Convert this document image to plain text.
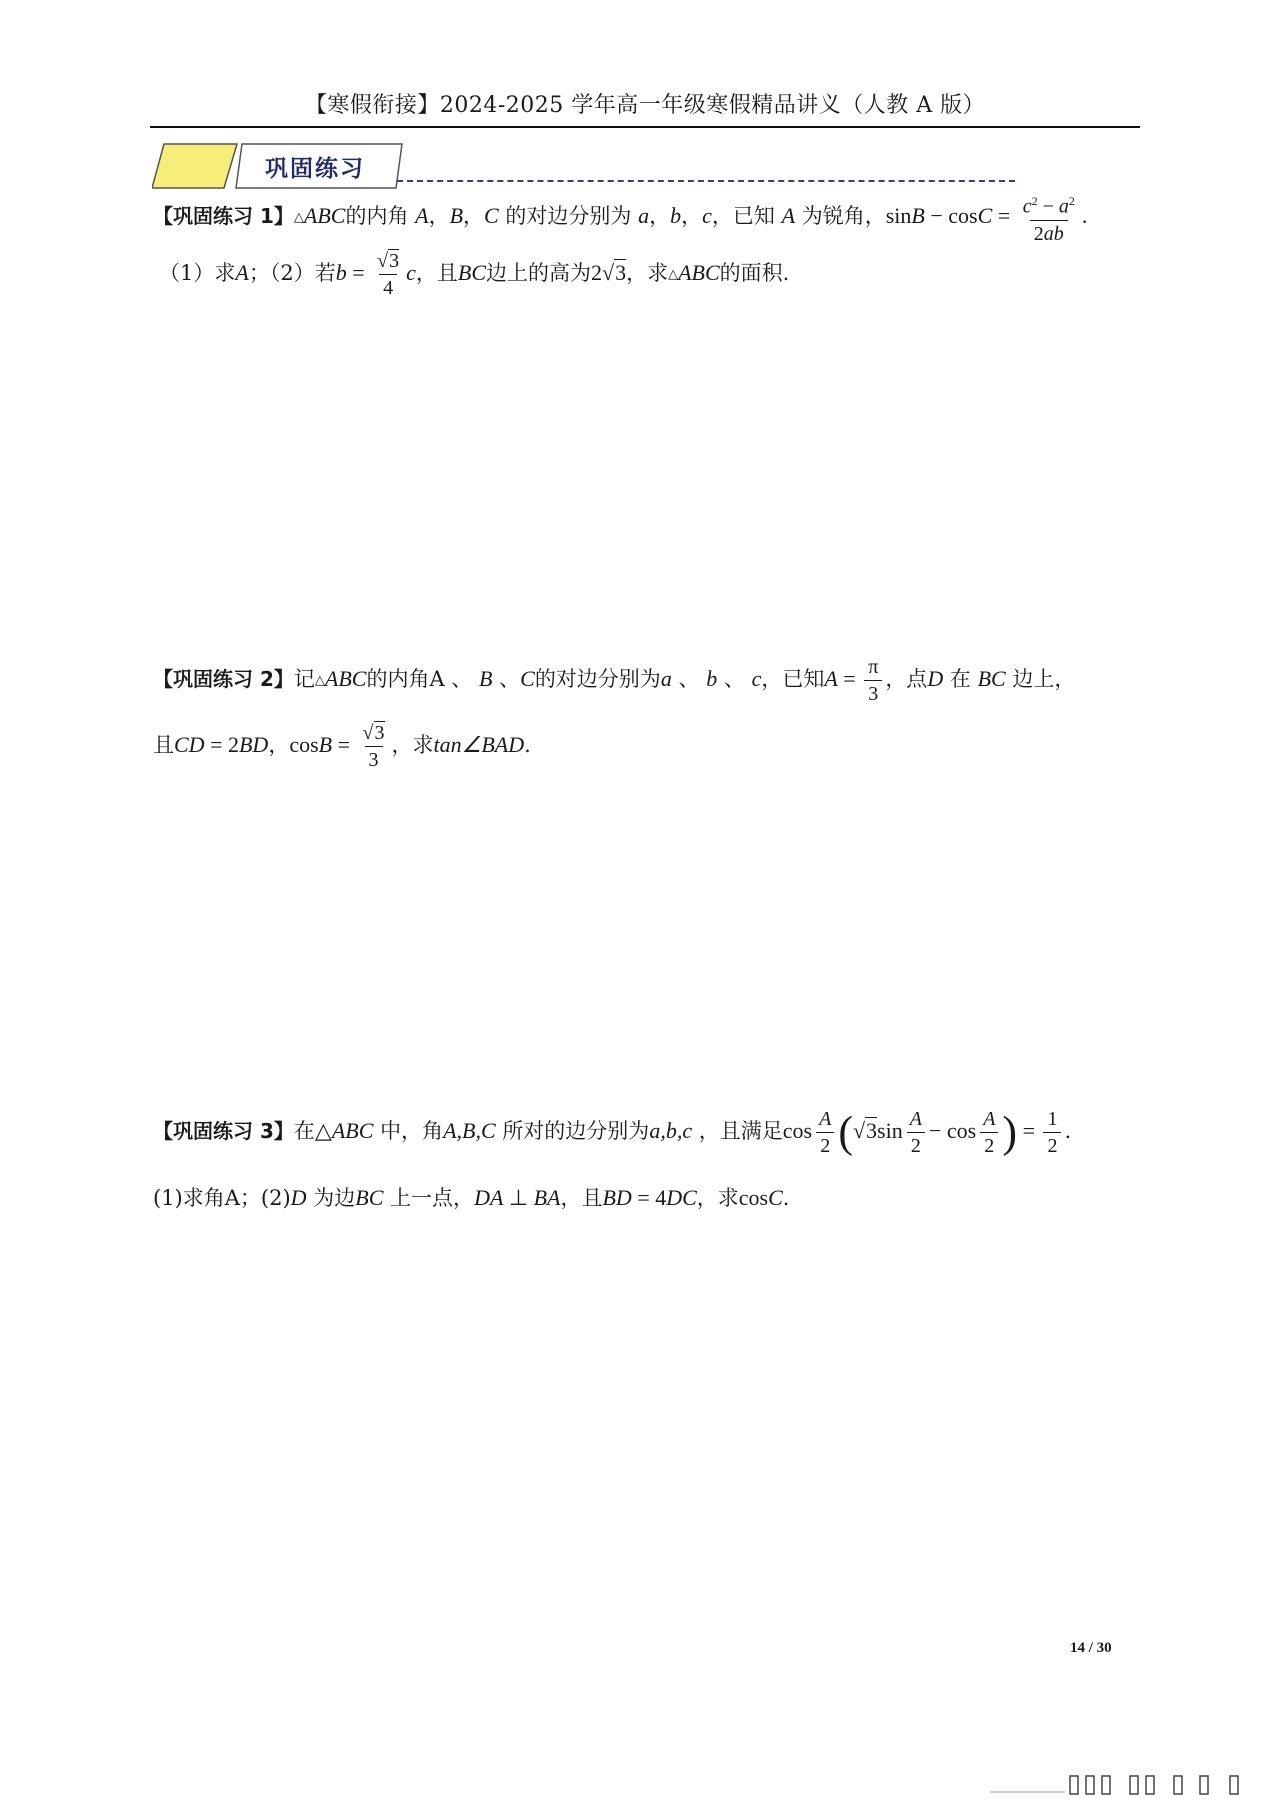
【寒假衔接】2024-2025 学年高一年级寒假精品讲义（人教 A 版）
巩固练习
【巩固练习 1】△ABC的内角 A，B，C 的对边分别为 a，b，c，已知 A 为锐角，$\sin B - \cos C = \frac{c^2 - a^2}{2ab}$ .
（1）求A；（2）若$b = \frac{√3}{4}$ c，且BC边上的高为2√3，求△ABC的面积.
【巩固练习 2】记△ABC的内角A 、 B 、C的对边分别为a 、 b 、 c，已知$A = \frac{\pi}{3}$ ，点D 在 BC 边上，
且CD = 2BD，$\cos B = \frac{√3}{3}$ ，求tan∠BAD.
【巩固练习 3】在△ABC 中，角A,B,C 所对的边分别为a,b,c ，且满足$\cos \frac{A}{2} (√3\sin \frac{A}{2} - \cos \frac{A}{2}$ ) = $\frac{1}{2}$ .
(1)求角A；(2)D 为边BC 上一点，DA ⊥ BA，且BD = 4DC，求cosC.
14 / 30
